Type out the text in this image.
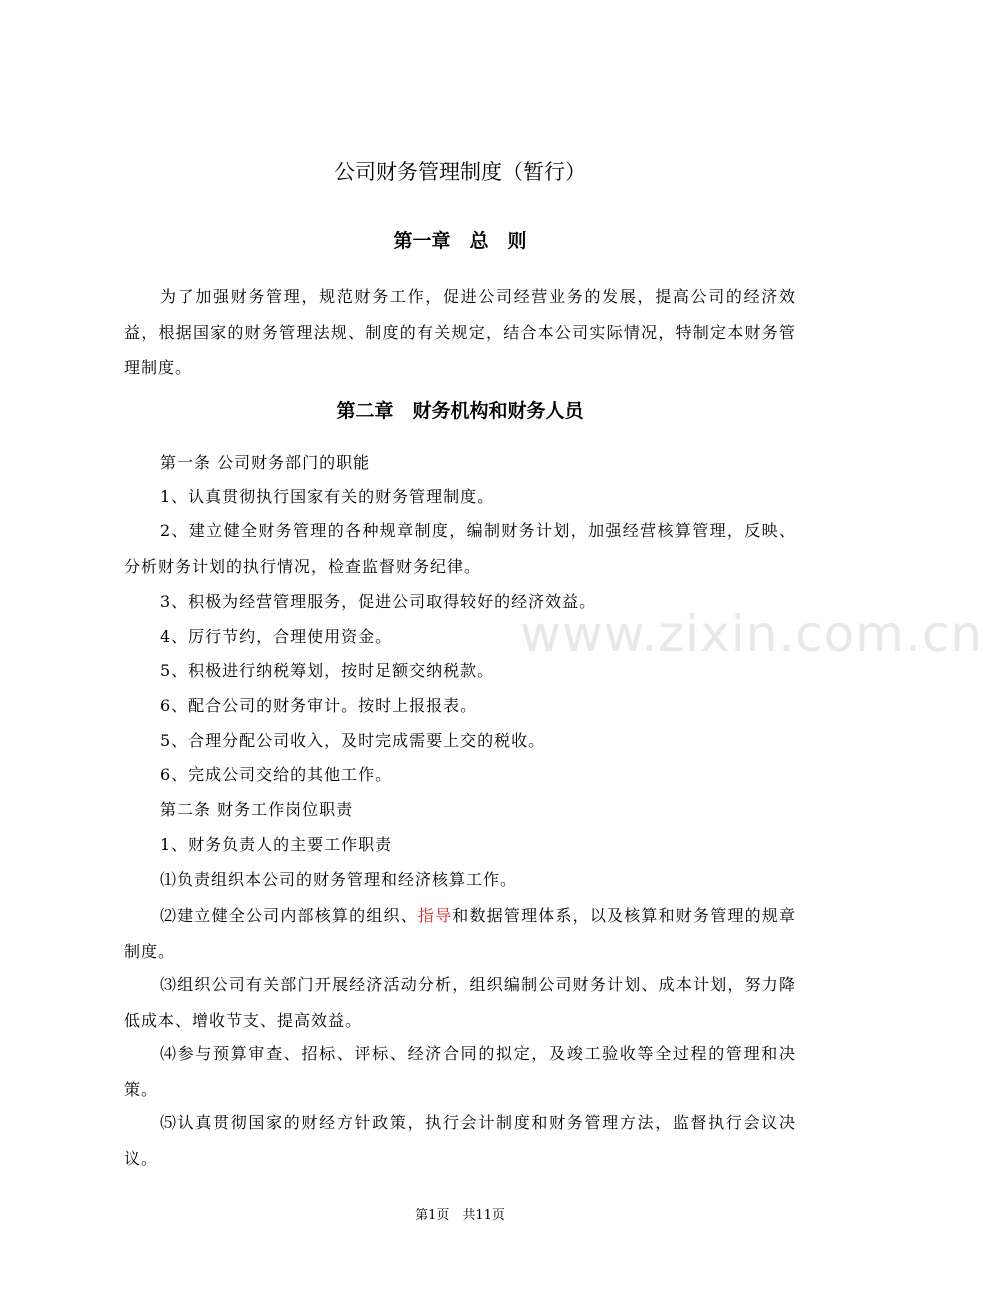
公司财务管理制度（暂行）
第一章　总　则
为了加强财务管理，规范财务工作，促进公司经营业务的发展，提高公司的经济效益，根据国家的财务管理法规、制度的有关规定，结合本公司实际情况，特制定本财务管理制度。
第二章　财务机构和财务人员
第一条 公司财务部门的职能
1、认真贯彻执行国家有关的财务管理制度。
2、建立健全财务管理的各种规章制度，编制财务计划，加强经营核算管理，反映、分析财务计划的执行情况，检查监督财务纪律。
3、积极为经营管理服务，促进公司取得较好的经济效益。
4、厉行节约，合理使用资金。
5、积极进行纳税筹划，按时足额交纳税款。
6、配合公司的财务审计。按时上报报表。
5、合理分配公司收入，及时完成需要上交的税收。
6、完成公司交给的其他工作。
第二条 财务工作岗位职责
1、财务负责人的主要工作职责
⑴负责组织本公司的财务管理和经济核算工作。
⑵建立健全公司内部核算的组织、指导和数据管理体系，以及核算和财务管理的规章制度。
⑶组织公司有关部门开展经济活动分析，组织编制公司财务计划、成本计划，努力降低成本、增收节支、提高效益。
⑷参与预算审查、招标、评标、经济合同的拟定，及竣工验收等全过程的管理和决策。
⑸认真贯彻国家的财经方针政策，执行会计制度和财务管理方法，监督执行会议决议。
www.zixin.com.cn
第1页　共11页
